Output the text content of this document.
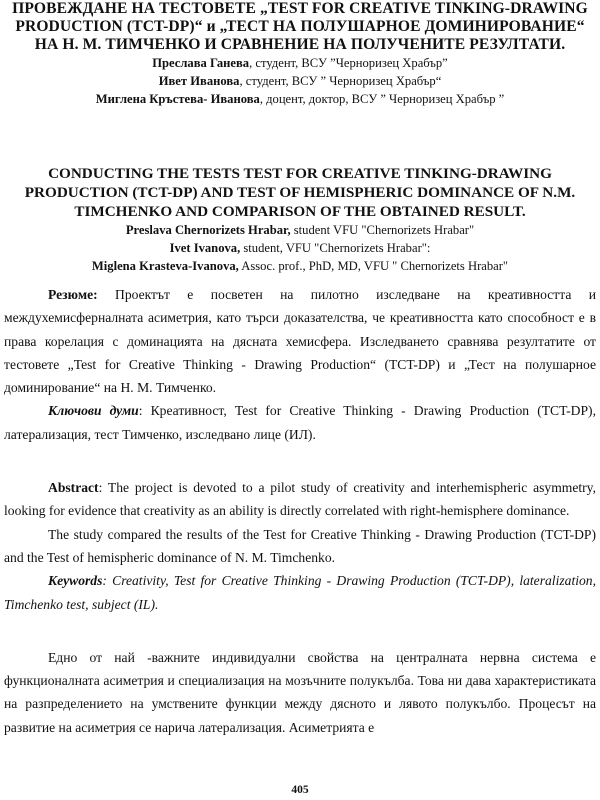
ПРОВЕЖДАНЕ НА ТЕСТОВЕТЕ „TEST FOR CREATIVE TINKING-DRAWING PRODUCTION (TCT-DP)“ и „ТЕСТ НА ПОЛУШАРНОЕ ДОМИНИРОВАНИЕ“ НА Н. М. ТИМЧЕНКО И СРАВНЕНИЕ НА ПОЛУЧЕНИТЕ РЕЗУЛТАТИ.

Преслава Ганева, студент, ВСУ ”Черноризец Храбър”

Ивет Иванова, студент, ВСУ ” Черноризец Храбър“

Миглена Кръстева- Иванова, доцент, доктор, ВСУ ” Черноризец Храбър ”

CONDUCTING THE TESTS TEST FOR CREATIVE TINKING-DRAWING PRODUCTION (TCT-DP) AND TEST OF HEMISPHERIC DOMINANCE OF N.M. TIMCHENKO AND COMPARISON OF THE OBTAINED RESULT.

Preslava Chernorizets Hrabar, student VFU "Chernorizets Hrabar"

Ivet Ivanova, student, VFU "Chernorizets Hrabar":

Miglena Krasteva-Ivanova, Assoc. prof., PhD, MD, VFU " Chernorizets Hrabar"

Резюме: Проектът е посветен на пилотно изследване на креативността и междухемисферналната асиметрия, като търси доказателства, че креативността като способност е в права корелация с доминацията на дясната хемисфера. Изследването сравнява резултатите от тестовете „Test for Creative Thinking - Drawing Production“ (TCT-DP) и „Тест на полушарное доминирование“ на Н. М. Тимченко.

Ключови думи: Креативност, Test for Creative Thinking - Drawing Production (TCT-DP), латерализация, тест Тимченко, изследвано лице (ИЛ).

Abstract: The project is devoted to a pilot study of creativity and interhemispheric asymmetry, looking for evidence that creativity as an ability is directly correlated with right-hemisphere dominance.

The study compared the results of the Test for Creative Thinking - Drawing Production (TCT-DP) and the Test of hemispheric dominance of N. M. Timchenko.

Keywords: Creativity, Test for Creative Thinking - Drawing Production (TCT-DP), lateralization, Timchenko test, subject (IL).

Едно от най -важните индивидуални свойства на централната нервна система е функционалната асиметрия и специализация на мозъчните полукълба. Това ни дава характеристиката на разпределението на умствените функции между дясното и лявото полукълбо. Процесът на развитие на асиметрия се нарича латерализация. Асиметрията е

405
